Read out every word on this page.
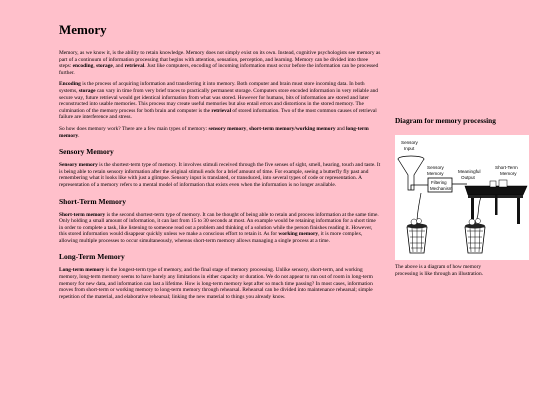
Memory

Memory, as we know it, is the ability to retain knowledge. Memory does not simply exist on its own. Instead, cognitive psychologists see memory as part of a continuum of information processing that begins with attention, sensation, perception, and learning. Memory can be divided into three steps: encoding, storage, and retrieval. Just like computers, encoding of incoming information must occur before the information can be processed further.

Encoding is the process of acquiring information and transferring it into memory. Both computer and brain must store incoming data. In both systems, storage can vary in time from very brief traces to practically permanent storage. Computers store encoded information in very reliable and secure way, future retrieval would get identical information from what was stored. However for humans, bits of information are stored and later reconstructed into usable memories. This process may create useful memories but also entail errors and distortions in the stored memory. The culmination of the memory process for both brain and computer is the retrieval of stored information. Two of the most common causes of retrieval failure are interference and stress.

So how does memory work? There are a few main types of memory: sensory memory, short-term memory/working memory and long-term memory.

Sensory Memory

Sensory memory is the shortest-term type of memory. It involves stimuli received through the five senses of sight, smell, hearing, touch and taste. It is being able to retain sensory information after the original stimuli ends for a brief amount of time. For example, seeing a butterfly fly past and remembering what it looks like with just a glimpse. Sensory input is translated, or transduced, into several types of code or representation. A representation of a memory refers to a mental model of information that exists even when the information is no longer available.

Short-Term Memory

Short-term memory is the second shortest-term type of memory. It can be thought of being able to retain and process information at the same time. Only holding a small amount of information, it can last from 15 to 30 seconds at most. An example would be retaining information for a short time in order to complete a task, like listening to someone read out a problem and thinking of a solution while the person finishes reading it. However, this stored information would disappear quickly unless we make a conscious effort to retain it. As for working memory, it is more complex, allowing multiple processes to occur simultaneously, whereas short-term memory allows managing a single process at a time.

Long-Term Memory

Long-term memory is the longest-term type of memory, and the final stage of memory processing. Unlike sensory, short-term, and working memory, long-term memory seems to have barely any limitations in either capacity or duration. We do not appear to run out of room in long-term memory for new data, and information can last a lifetime. How is long-term memory kept after so much time passing? In most cases, information moves from short-term or working memory to long-term memory through rehearsal. Rehearsal can be divided into maintenance rehearsal; simple repetition of the material, and elaborative rehearsal; linking the new material to things you already know.

Diagram for memory processing
Sensory
Input
Sensory
Memory	Meaningful
Output
Short-Term
Memory
Filtering
Mechanism
The above is a diagram of how memory processing is like through an illustration.
